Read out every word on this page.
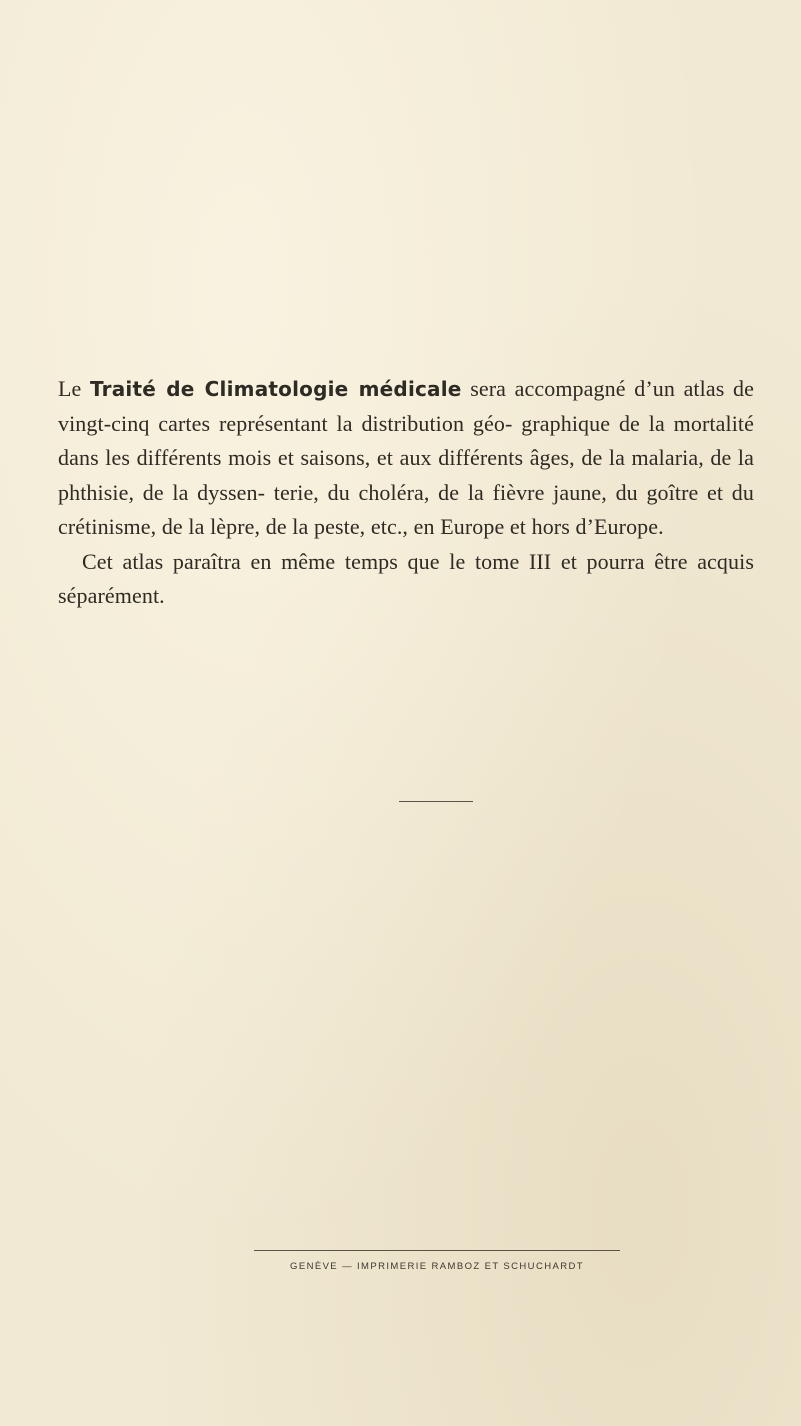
Le Traité de Climatologie médicale sera accompagné d’un atlas de vingt-cinq cartes représentant la distribution géo- graphique de la mortalité dans les différents mois et saisons, et aux différents âges, de la malaria, de la phthisie, de la dyssen- terie, du choléra, de la fièvre jaune, du goître et du crétinisme, de la lèpre, de la peste, etc., en Europe et hors d’Europe.

Cet atlas paraîtra en même temps que le tome III et pourra être acquis séparément.

GENÈVE — IMPRIMERIE RAMBOZ ET SCHUCHARDT
